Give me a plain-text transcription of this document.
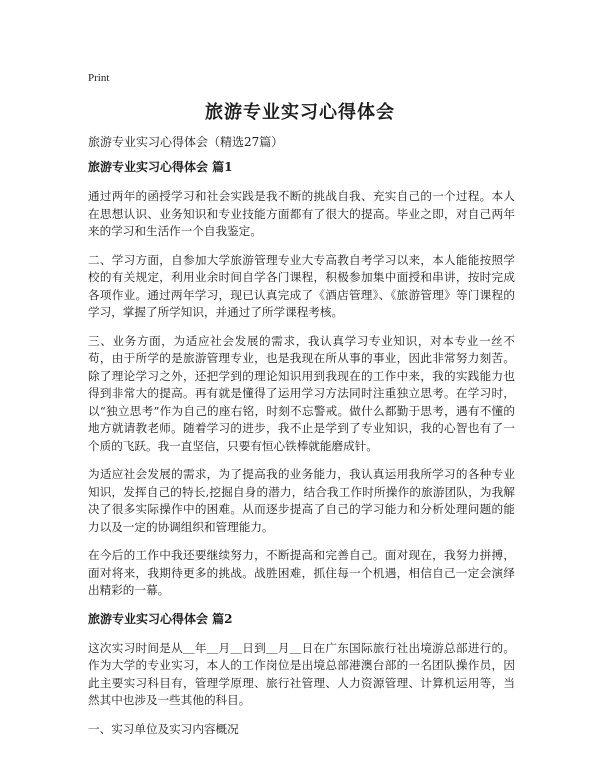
Print
旅游专业实习心得体会

旅游专业实习心得体会（精选27篇）

旅游专业实习心得体会 篇1

通过两年的函授学习和社会实践是我不断的挑战自我、充实自己的一个过程。本人在思想认识、业务知识和专业技能方面都有了很大的提高。毕业之即，对自己两年来的学习和生活作一个自我鉴定。

二、学习方面，自参加大学旅游管理专业大专高教自考学习以来，本人能能按照学校的有关规定，利用业余时间自学各门课程，积极参加集中面授和串讲，按时完成各项作业。通过两年学习，现已认真完成了《酒店管理》、《旅游管理》等门课程的学习，掌握了所学知识，并通过了所学课程考核。

三、业务方面，为适应社会发展的需求，我认真学习专业知识，对本专业一丝不苟，由于所学的是旅游管理专业，也是我现在所从事的事业，因此非常努力刻苦。除了理论学习之外，还把学到的理论知识用到我现在的工作中来，我的实践能力也得到非常大的提高。再有就是懂得了运用学习方法同时注重独立思考。在学习时，以“独立思考”作为自己的座右铭，时刻不忘警戒。做什么都勤于思考，遇有不懂的地方就请教老师。随着学习的进步，我不止是学到了专业知识，我的心智也有了一个质的飞跃。我一直坚信，只要有恒心铁棒就能磨成针。

为适应社会发展的需求，为了提高我的业务能力，我认真运用我所学习的各种专业知识，发挥自己的特长,挖掘自身的潜力，结合我工作时所操作的旅游团队，为我解决了很多实际操作中的困难。从而逐步提高了自己的学习能力和分析处理问题的能力以及一定的协调组织和管理能力。

在今后的工作中我还要继续努力，不断提高和完善自己。面对现在，我努力拼搏，面对将来，我期待更多的挑战。战胜困难，抓住每一个机遇，相信自己一定会演绎出精彩的一幕。

旅游专业实习心得体会 篇2

这次实习时间是从＿年＿月＿日到＿月＿日在广东国际旅行社出境游总部进行的。作为大学的专业实习，本人的工作岗位是出境总部港澳台部的一名团队操作员，因此主要实习科目有，管理学原理、旅行社管理、人力资源管理、计算机运用等，当然其中也涉及一些其他的科目。

一、实习单位及实习内容概况
